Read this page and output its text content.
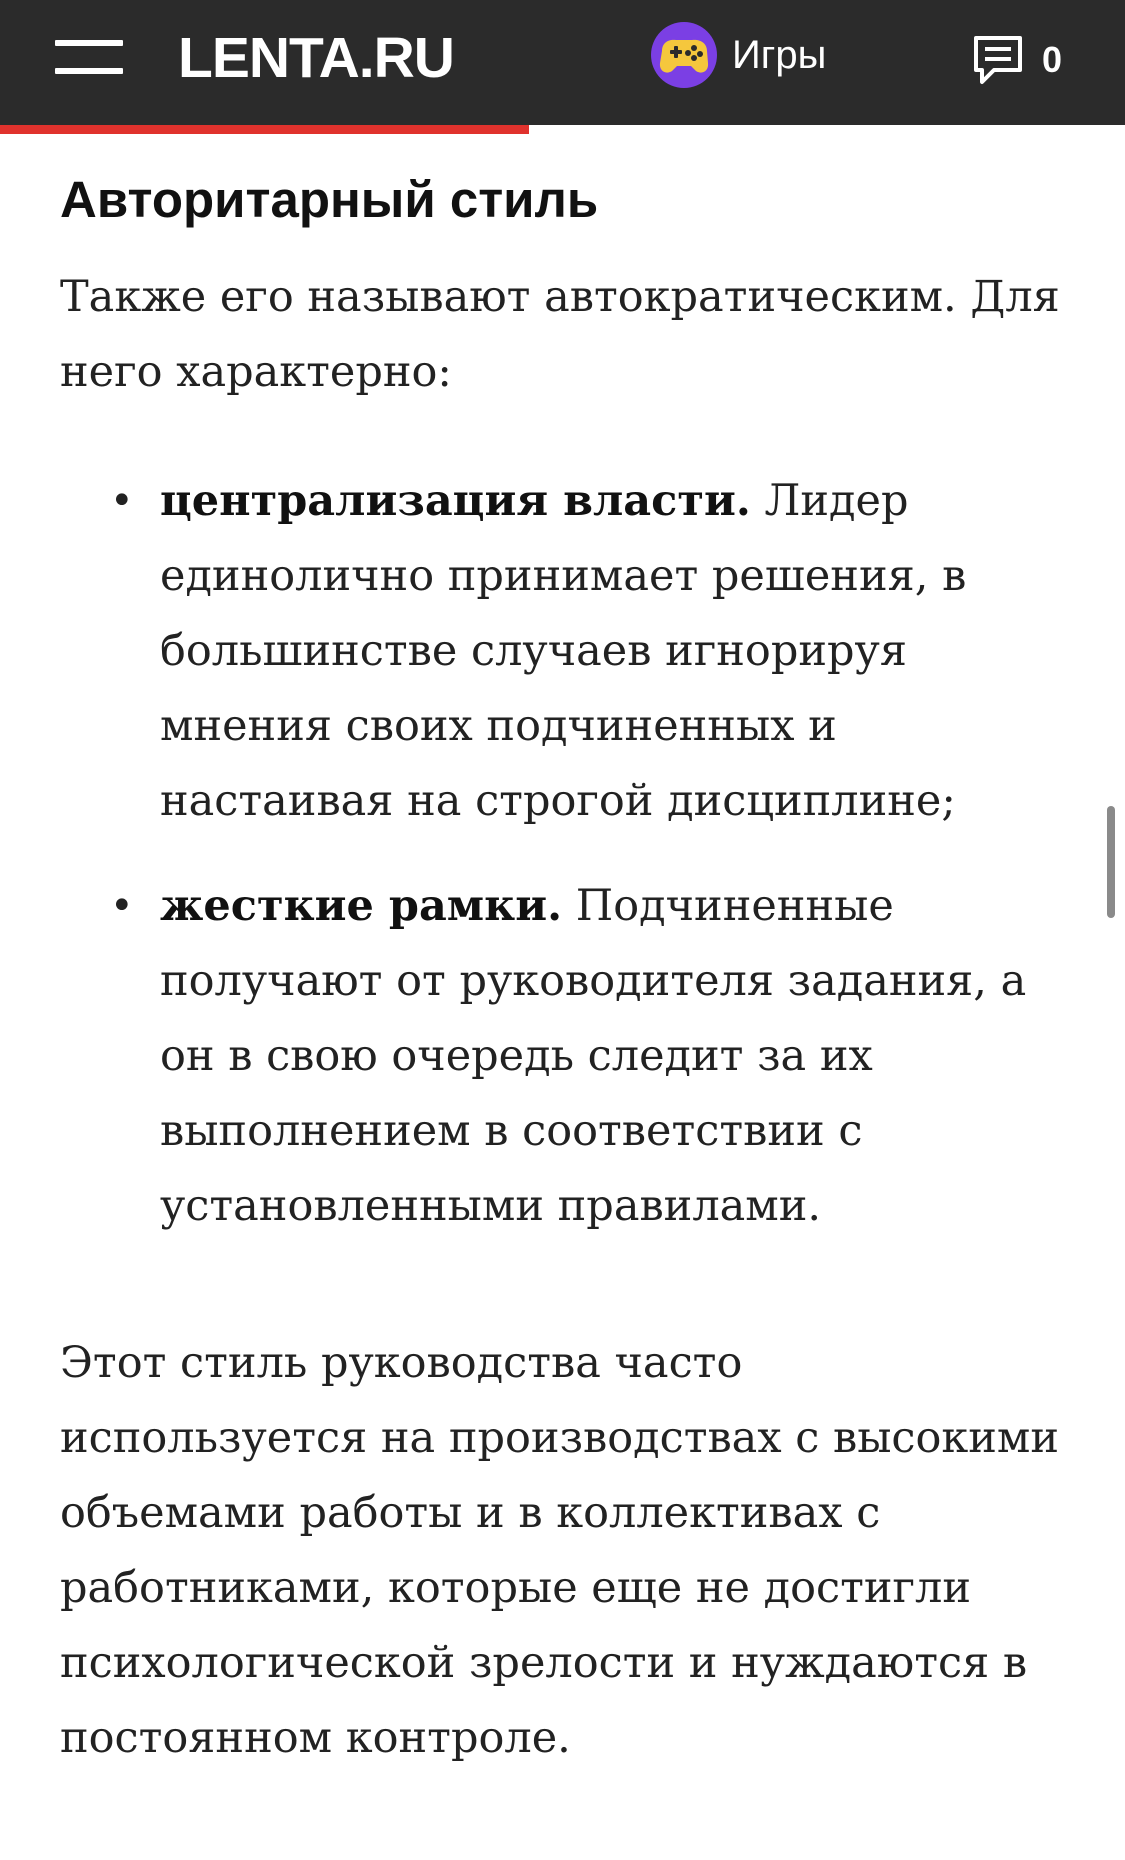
LENTA.RU	Игры	0
Авторитарный стиль

Также его называют автократическим. Для него характерно:

• централизация власти. Лидер единолично принимает решения, в большинстве случаев игнорируя мнения своих подчиненных и настаивая на строгой дисциплине;
• жесткие рамки. Подчиненные получают от руководителя задания, а он в свою очередь следит за их выполнением в соответствии с установленными правилами.

Этот стиль руководства часто используется на производствах с высокими объемами работы и в коллективах с работниками, которые еще не достигли психологической зрелости и нуждаются в постоянном контроле.
